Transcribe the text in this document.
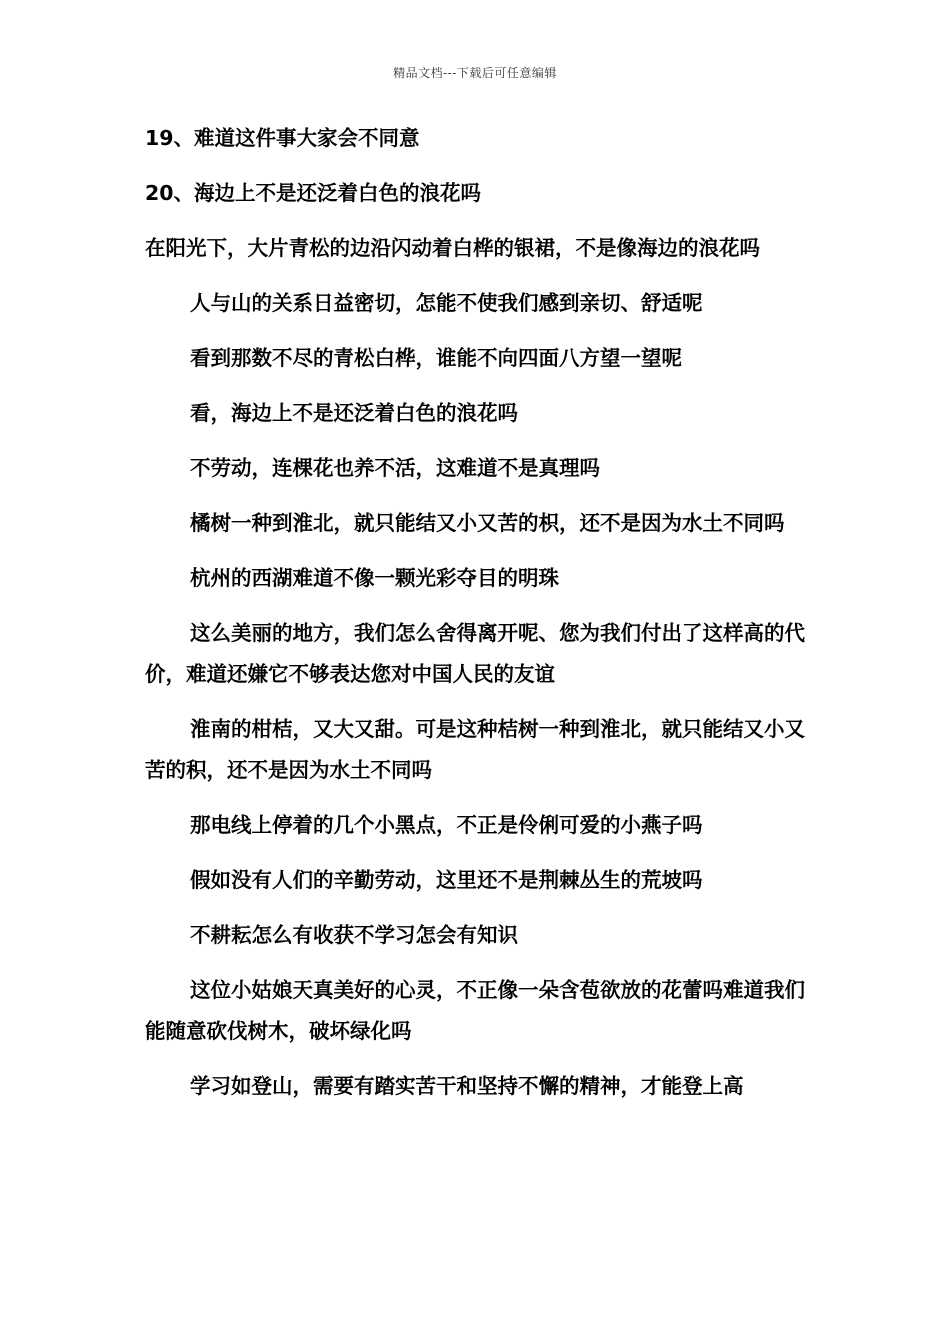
精品文档---下载后可任意编辑

19、难道这件事大家会不同意

20、海边上不是还泛着白色的浪花吗

在阳光下，大片青松的边沿闪动着白桦的银裙，不是像海边的浪花吗

人与山的关系日益密切，怎能不使我们感到亲切、舒适呢

看到那数不尽的青松白桦，谁能不向四面八方望一望呢

看，海边上不是还泛着白色的浪花吗

不劳动，连棵花也养不活，这难道不是真理吗

橘树一种到淮北，就只能结又小又苦的枳，还不是因为水土不同吗

杭州的西湖难道不像一颗光彩夺目的明珠

这么美丽的地方，我们怎么舍得离开呢、您为我们付出了这样高的代价，难道还嫌它不够表达您对中国人民的友谊

淮南的柑桔，又大又甜。可是这种桔树一种到淮北，就只能结又小又苦的积，还不是因为水土不同吗

那电线上停着的几个小黑点，不正是伶俐可爱的小燕子吗

假如没有人们的辛勤劳动，这里还不是荆棘丛生的荒坡吗

不耕耘怎么有收获不学习怎会有知识

这位小姑娘天真美好的心灵，不正像一朵含苞欲放的花蕾吗难道我们能随意砍伐树木，破坏绿化吗

学习如登山，需要有踏实苦干和坚持不懈的精神，才能登上高
